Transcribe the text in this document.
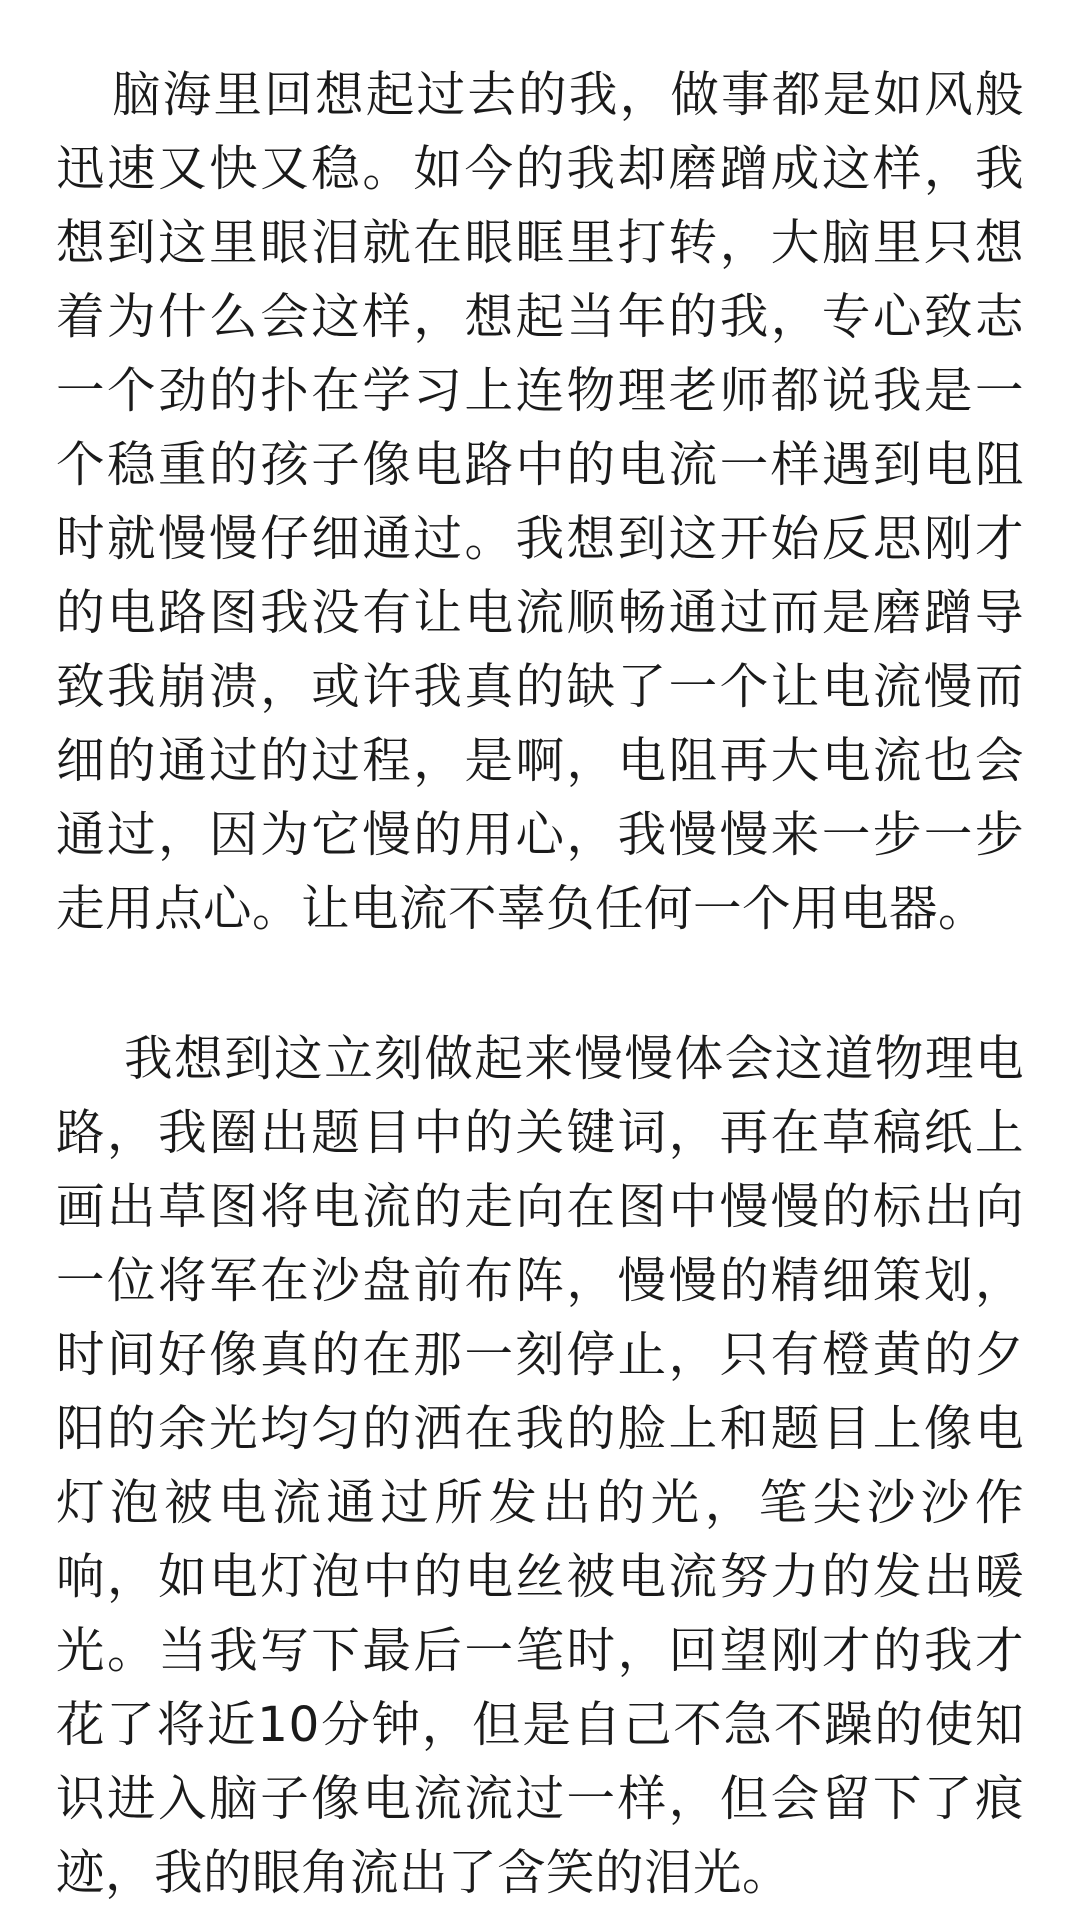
脑海里回想起过去的我，做事都是如风般迅速又快又稳。如今的我却磨蹭成这样，我想到这里眼泪就在眼眶里打转，大脑里只想着为什么会这样，想起当年的我，专心致志一个劲的扑在学习上连物理老师都说我是一个稳重的孩子像电路中的电流一样遇到电阻时就慢慢仔细通过。我想到这开始反思刚才的电路图我没有让电流顺畅通过而是磨蹭导致我崩溃，或许我真的缺了一个让电流慢而细的通过的过程，是啊，电阻再大电流也会通过，因为它慢的用心，我慢慢来一步一步走用点心。让电流不辜负任何一个用电器。

我想到这立刻做起来慢慢体会这道物理电路，我圈出题目中的关键词，再在草稿纸上画出草图将电流的走向在图中慢慢的标出向一位将军在沙盘前布阵，慢慢的精细策划，时间好像真的在那一刻停止，只有橙黄的夕阳的余光均匀的洒在我的脸上和题目上像电灯泡被电流通过所发出的光，笔尖沙沙作响，如电灯泡中的电丝被电流努力的发出暖光。当我写下最后一笔时，回望刚才的我才花了将近10分钟，但是自己不急不躁的使知识进入脑子像电流流过一样，但会留下了痕迹，我的眼角流出了含笑的泪光。
